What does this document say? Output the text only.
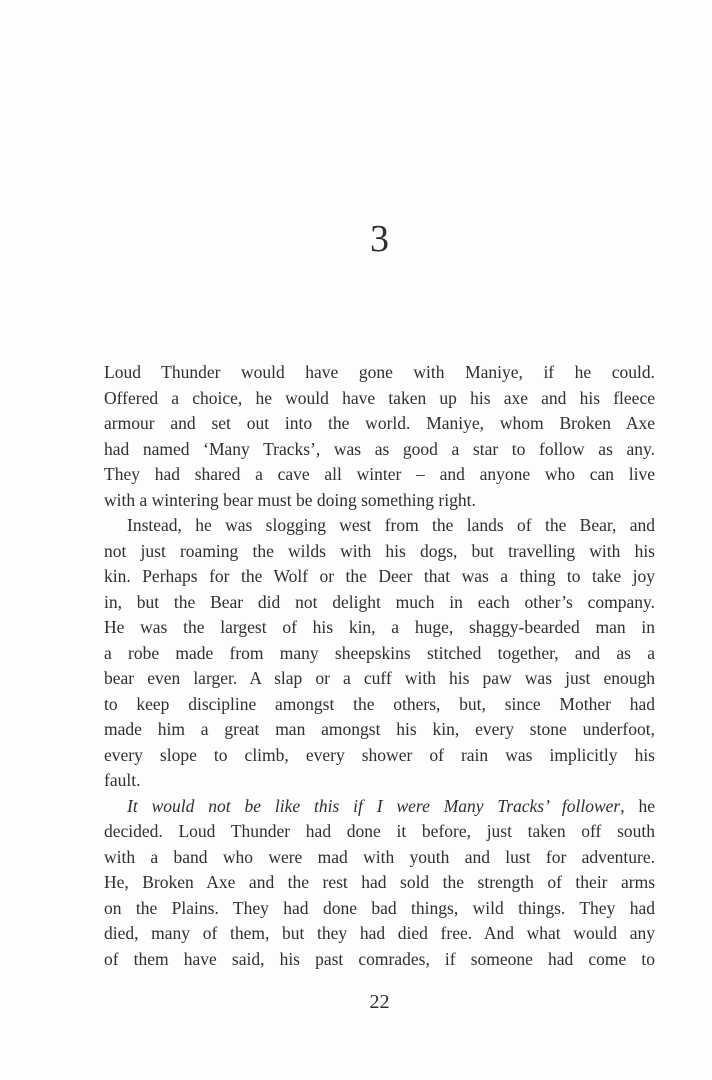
3
Loud Thunder would have gone with Maniye, if he could.
Offered a choice, he would have taken up his axe and his fleece
armour and set out into the world. Maniye, whom Broken Axe
had named ‘Many Tracks’, was as good a star to follow as any.
They had shared a cave all winter – and anyone who can live
with a wintering bear must be doing something right.
Instead, he was slogging west from the lands of the Bear, and
not just roaming the wilds with his dogs, but travelling with his
kin. Perhaps for the Wolf or the Deer that was a thing to take joy
in, but the Bear did not delight much in each other’s company.
He was the largest of his kin, a huge, shaggy-bearded man in
a robe made from many sheepskins stitched together, and as a
bear even larger. A slap or a cuff with his paw was just enough
to keep discipline amongst the others, but, since Mother had
made him a great man amongst his kin, every stone underfoot,
every slope to climb, every shower of rain was implicitly his
fault.
It would not be like this if I were Many Tracks’ follower, he
decided. Loud Thunder had done it before, just taken off south
with a band who were mad with youth and lust for adventure.
He, Broken Axe and the rest had sold the strength of their arms
on the Plains. They had done bad things, wild things. They had
died, many of them, but they had died free. And what would any
of them have said, his past comrades, if someone had come to
22
